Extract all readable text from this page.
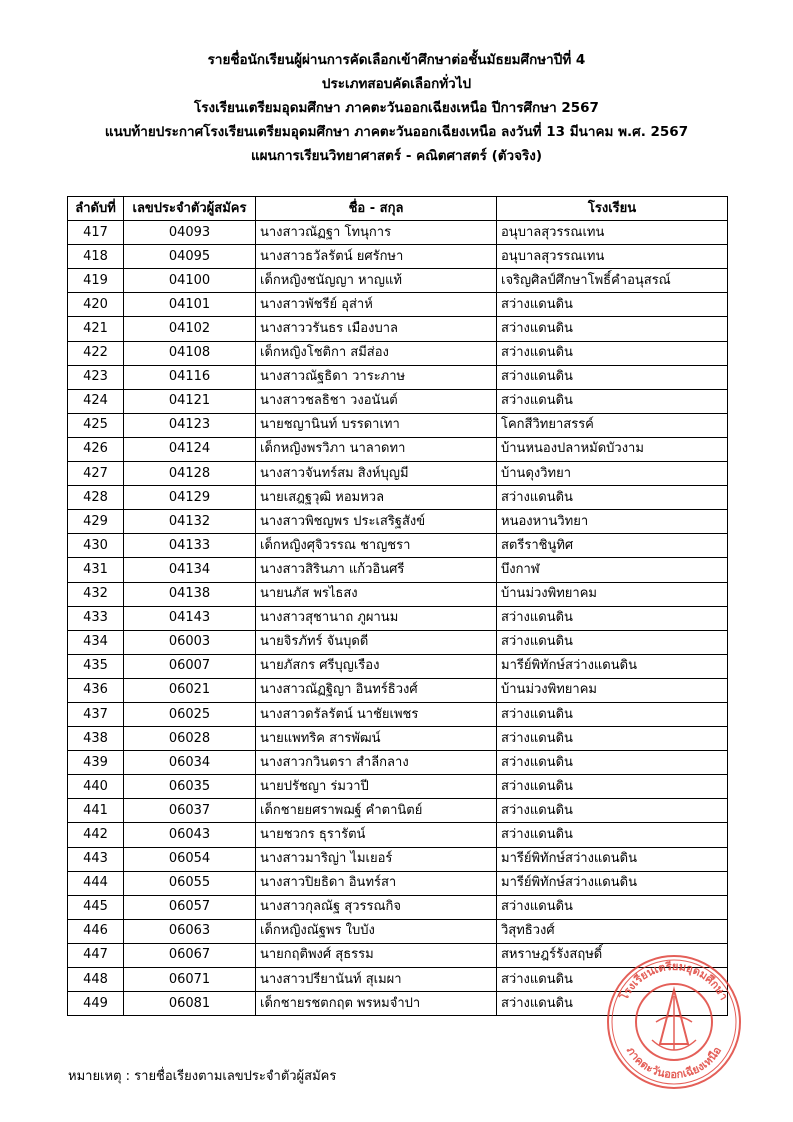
รายชื่อนักเรียนผู้ผ่านการคัดเลือกเข้าศึกษาต่อชั้นมัธยมศึกษาปีที่ 4
ประเภทสอบคัดเลือกทั่วไป
โรงเรียนเตรียมอุดมศึกษา ภาคตะวันออกเฉียงเหนือ ปีการศึกษา 2567
แนบท้ายประกาศโรงเรียนเตรียมอุดมศึกษา ภาคตะวันออกเฉียงเหนือ ลงวันที่ 13 มีนาคม พ.ศ. 2567
แผนการเรียนวิทยาศาสตร์ - คณิตศาสตร์ (ตัวจริง)
ลำดับที่	เลขประจำตัวผู้สมัคร	ชื่อ - สกุล	โรงเรียน
417	04093	นางสาวณัฏฐา โทนุการ	อนุบาลสุวรรณเทน
418	04095	นางสาวธวัลรัตน์ ยศรักษา	อนุบาลสุวรรณเทน
419	04100	เด็กหญิงชนัญญา หาญแท้	เจริญศิลป์ศึกษาโพธิ์คำอนุสรณ์
420	04101	นางสาวพัชรีย์ อุส่าห์	สว่างแดนดิน
421	04102	นางสาววรันธร เมืองบาล	สว่างแดนดิน
422	04108	เด็กหญิงโชติกา สมีส่อง	สว่างแดนดิน
423	04116	นางสาวณัฐธิดา วาระภาษ	สว่างแดนดิน
424	04121	นางสาวชลธิชา วงอนันต์	สว่างแดนดิน
425	04123	นายชญานินท์ บรรดาเทา	โคกสีวิทยาสรรค์
426	04124	เด็กหญิงพรวิภา นาลาดทา	บ้านหนองปลาหมัดบัวงาม
427	04128	นางสาวจันทร์สม สิงห์บุญมี	บ้านดุงวิทยา
428	04129	นายเสฎฐวุฒิ หอมหวล	สว่างแดนดิน
429	04132	นางสาวพิชญพร ประเสริฐสังข์	หนองหานวิทยา
430	04133	เด็กหญิงศุจิวรรณ ชาญชรา	สตรีราชินูทิศ
431	04134	นางสาวสิรินภา แก้วอินศรี	บึงกาฬ
432	04138	นายนภัส พรไธสง	บ้านม่วงพิทยาคม
433	04143	นางสาวสุชานาถ ภูผานม	สว่างแดนดิน
434	06003	นายจิรภัทร์ จันบุดดี	สว่างแดนดิน
435	06007	นายภัสกร ศรีบุญเรือง	มารีย์พิทักษ์สว่างแดนดิน
436	06021	นางสาวณัฏฐิญา อินทร์ธิวงศ์	บ้านม่วงพิทยาคม
437	06025	นางสาวดรัลรัตน์ นาชัยเพชร	สว่างแดนดิน
438	06028	นายแพทริค สารพัฒน์	สว่างแดนดิน
439	06034	นางสาวกวินตรา สำลีกลาง	สว่างแดนดิน
440	06035	นายปรัชญา ร่มวาปี	สว่างแดนดิน
441	06037	เด็กชายยศราพฌฐ์ คำตานิตย์	สว่างแดนดิน
442	06043	นายชวกร ธุรารัตน์	สว่างแดนดิน
443	06054	นางสาวมาริญ่า ไมเยอร์	มารีย์พิทักษ์สว่างแดนดิน
444	06055	นางสาวปิยธิดา อินทร์สา	มารีย์พิทักษ์สว่างแดนดิน
445	06057	นางสาวกุลณัฐ สุวรรณกิจ	สว่างแดนดิน
446	06063	เด็กหญิงณัฐพร ใบบัง	วิสุทธิวงศ์
447	06067	นายกฤติพงศ์ สุธรรม	สหราษฎร์รังสฤษดิ์
448	06071	นางสาวปรียานันท์ สุเมผา	สว่างแดนดิน
449	06081	เด็กชายรชตกฤต พรหมจำปา	สว่างแดนดิน
หมายเหตุ : รายชื่อเรียงตามเลขประจำตัวผู้สมัคร
โรงเรียนเตรียมอุดมศึกษา
ภาคตะวันออกเฉียงเหนือ
